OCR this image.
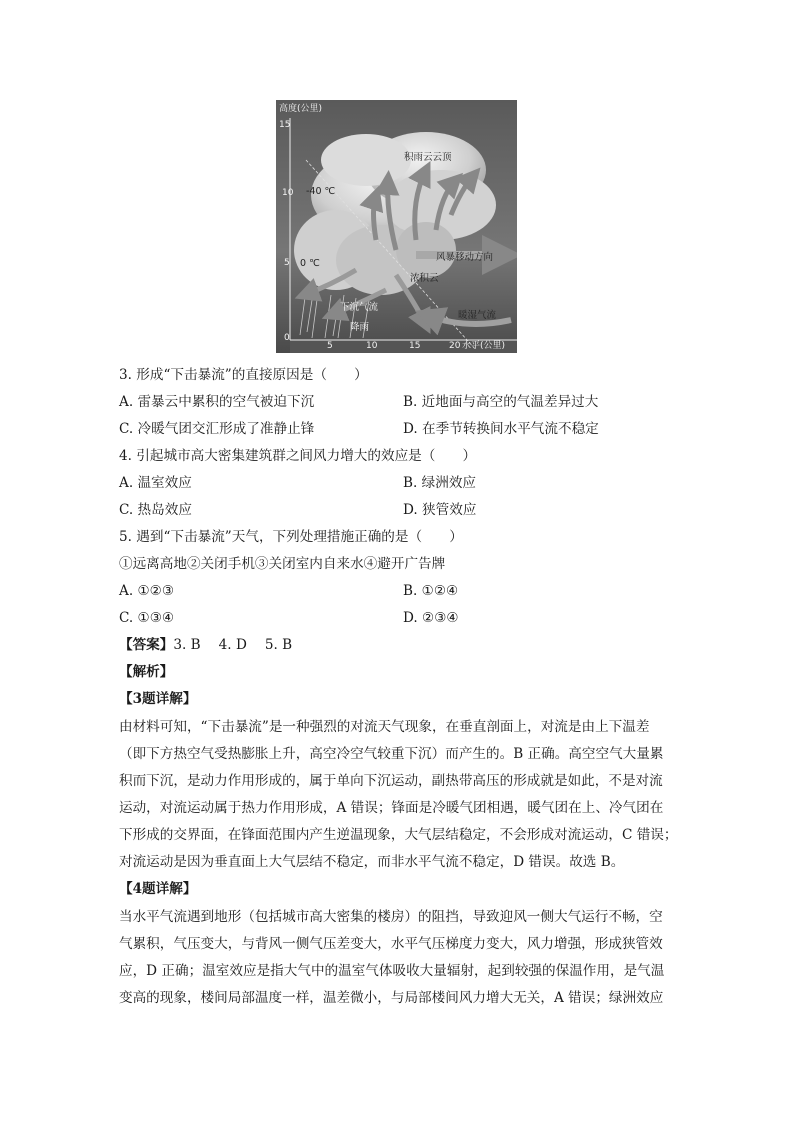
高度(公里)
15
10
5
0
5	10	15	20 水平(公里)
积雨云云顶
-40 ℃
0 ℃
风暴移动方向
浓积云
下沉气流
降雨
暖湿气流
3. 形成“下击暴流”的直接原因是（　　）
A. 雷暴云中累积的空气被迫下沉	B. 近地面与高空的气温差异过大
C. 冷暖气团交汇形成了准静止锋	D. 在季节转换间水平气流不稳定
4. 引起城市高大密集建筑群之间风力增大的效应是（　　）
A. 温室效应	B. 绿洲效应
C. 热岛效应	D. 狭管效应
5. 遇到“下击暴流”天气，下列处理措施正确的是（　　）
①远离高地②关闭手机③关闭室内自来水④避开广告牌
A. ①②③	B. ①②④
C. ①③④	D. ②③④
【答案】3. B 4. D 5. B
【解析】
【3题详解】
由材料可知，“下击暴流”是一种强烈的对流天气现象，在垂直剖面上，对流是由上下温差
（即下方热空气受热膨胀上升，高空冷空气较重下沉）而产生的。B 正确。高空空气大量累
积而下沉，是动力作用形成的，属于单向下沉运动，副热带高压的形成就是如此，不是对流
运动，对流运动属于热力作用形成，A 错误；锋面是冷暖气团相遇，暖气团在上、冷气团在
下形成的交界面，在锋面范围内产生逆温现象，大气层结稳定，不会形成对流运动，C 错误；
对流运动是因为垂直面上大气层结不稳定，而非水平气流不稳定，D 错误。故选 B。
【4题详解】
当水平气流遇到地形（包括城市高大密集的楼房）的阻挡，导致迎风一侧大气运行不畅，空
气累积，气压变大，与背风一侧气压差变大，水平气压梯度力变大，风力增强，形成狭管效
应，D 正确；温室效应是指大气中的温室气体吸收大量辐射，起到较强的保温作用，是气温
变高的现象，楼间局部温度一样，温差微小，与局部楼间风力增大无关，A 错误；绿洲效应
